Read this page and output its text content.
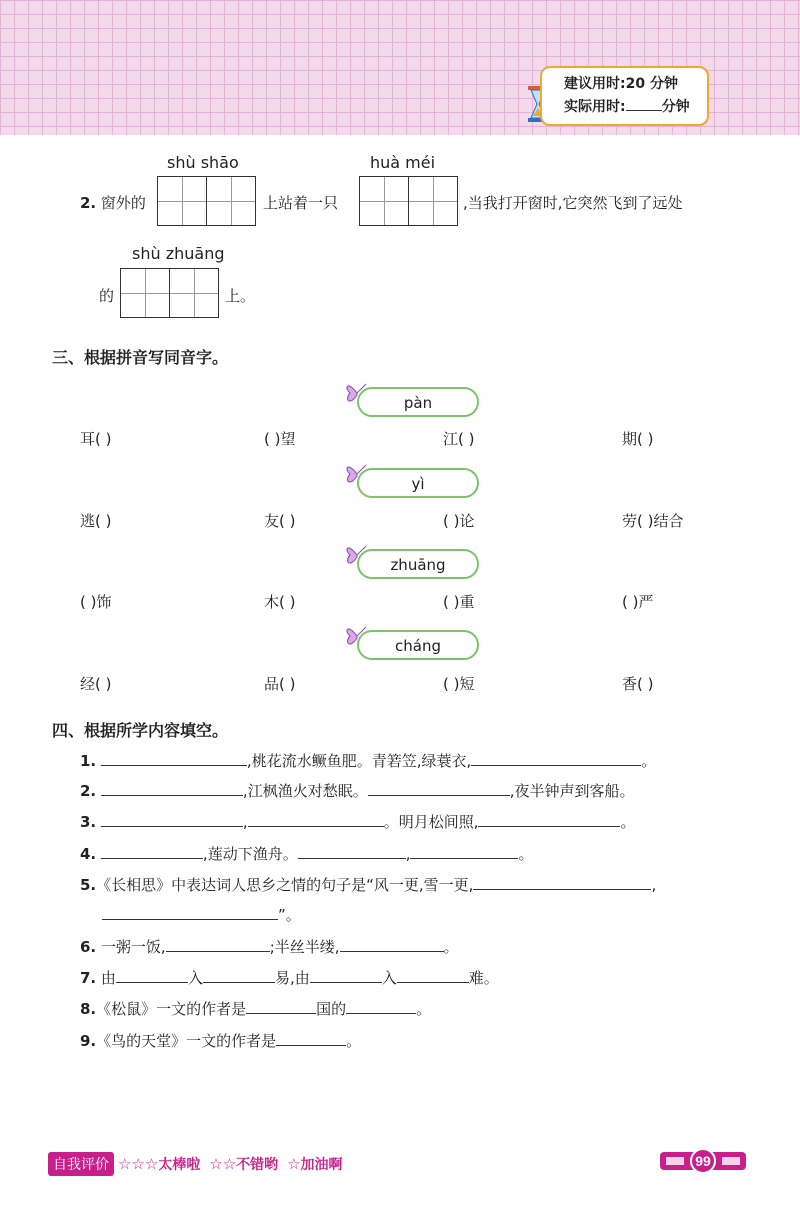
建议用时:20 分钟
实际用时:	分钟
shù shāo	huà méi
2. 窗外的	上站着一只	,当我打开窗时,它突然飞到了远处
shù zhuāng
的	上。
三、根据拼音写同音字。
pàn
耳( )	( )望	江( )	期( )
yì
逃( )	友( )	( )论	劳( )结合
zhuāng
( )饰	木( )	( )重	( )严
cháng
经( )	品( )	( )短	香( )
四、根据所学内容填空。
1.	,桃花流水鳜鱼肥。青箬笠,绿蓑衣,	。
2.	,江枫渔火对愁眠。	,夜半钟声到客船。
3.	,	。明月松间照,	。
4.	,莲动下渔舟。	,	。
5.《长相思》中表达词人思乡之情的句子是“风一更,雪一更,	,
”。
6. 一粥一饭,	;半丝半缕,	。
7. 由	入	易,由	入	难。
8.《松鼠》一文的作者是	国的	。
9.《鸟的天堂》一文的作者是	。
自我评价 ☆☆☆太棒啦 ☆☆不错哟 ☆加油啊	99
